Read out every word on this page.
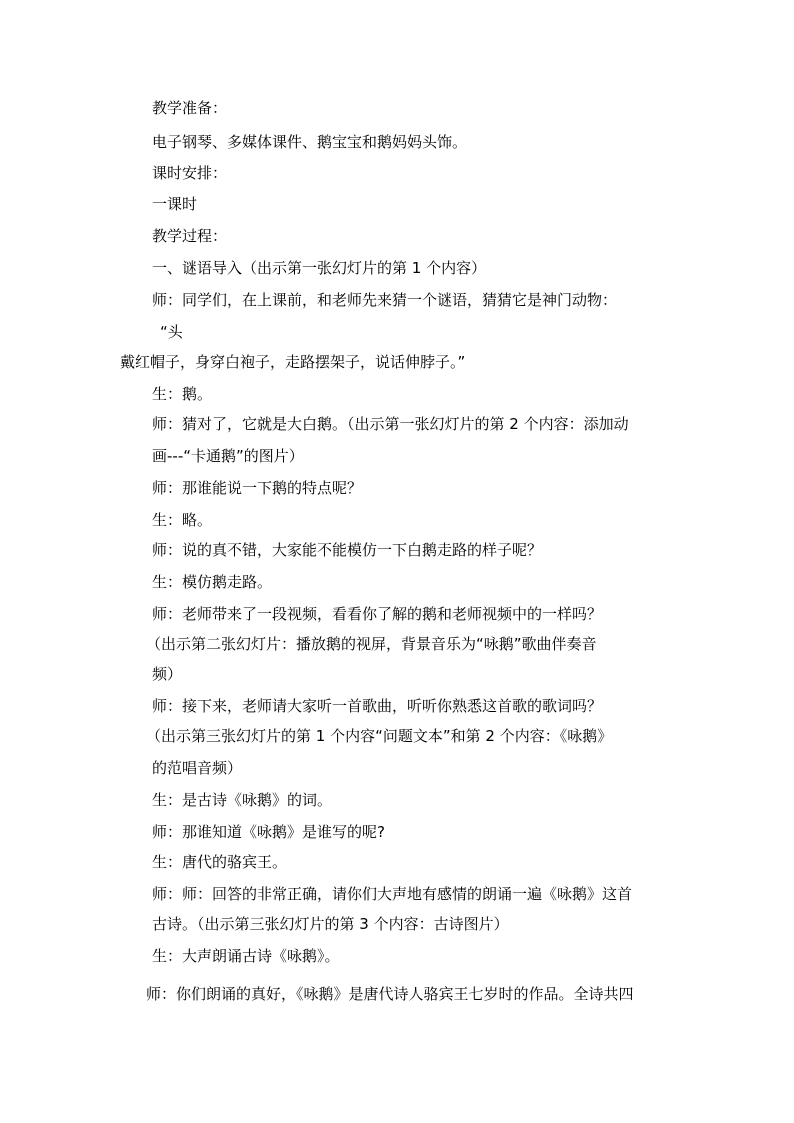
教学准备：
电子钢琴、多媒体课件、鹅宝宝和鹅妈妈头饰。
课时安排：
一课时
教学过程：
一、谜语导入（出示第一张幻灯片的第 1 个内容）
师：同学们，在上课前，和老师先来猜一个谜语，猜猜它是神门动物：
“头
戴红帽子，身穿白袍子，走路摆架子，说话伸脖子。”
生：鹅。
师：猜对了，它就是大白鹅。（出示第一张幻灯片的第 2 个内容：添加动
画---“卡通鹅”的图片）
师：那谁能说一下鹅的特点呢？
生：略。
师：说的真不错，大家能不能模仿一下白鹅走路的样子呢？
生：模仿鹅走路。
师：老师带来了一段视频，看看你了解的鹅和老师视频中的一样吗？
（出示第二张幻灯片：播放鹅的视屏，背景音乐为“咏鹅”歌曲伴奏音
频）
师：接下来，老师请大家听一首歌曲，听听你熟悉这首歌的歌词吗？
（出示第三张幻灯片的第 1 个内容“问题文本”和第 2 个内容：《咏鹅》
的范唱音频）
生：是古诗《咏鹅》的词。
师：那谁知道《咏鹅》是谁写的呢?
生：唐代的骆宾王。
师：师：回答的非常正确，请你们大声地有感情的朗诵一遍《咏鹅》这首
古诗。（出示第三张幻灯片的第 3 个内容：古诗图片）
生：大声朗诵古诗《咏鹅》。
师：你们朗诵的真好，《咏鹅》是唐代诗人骆宾王七岁时的作品。全诗共四
